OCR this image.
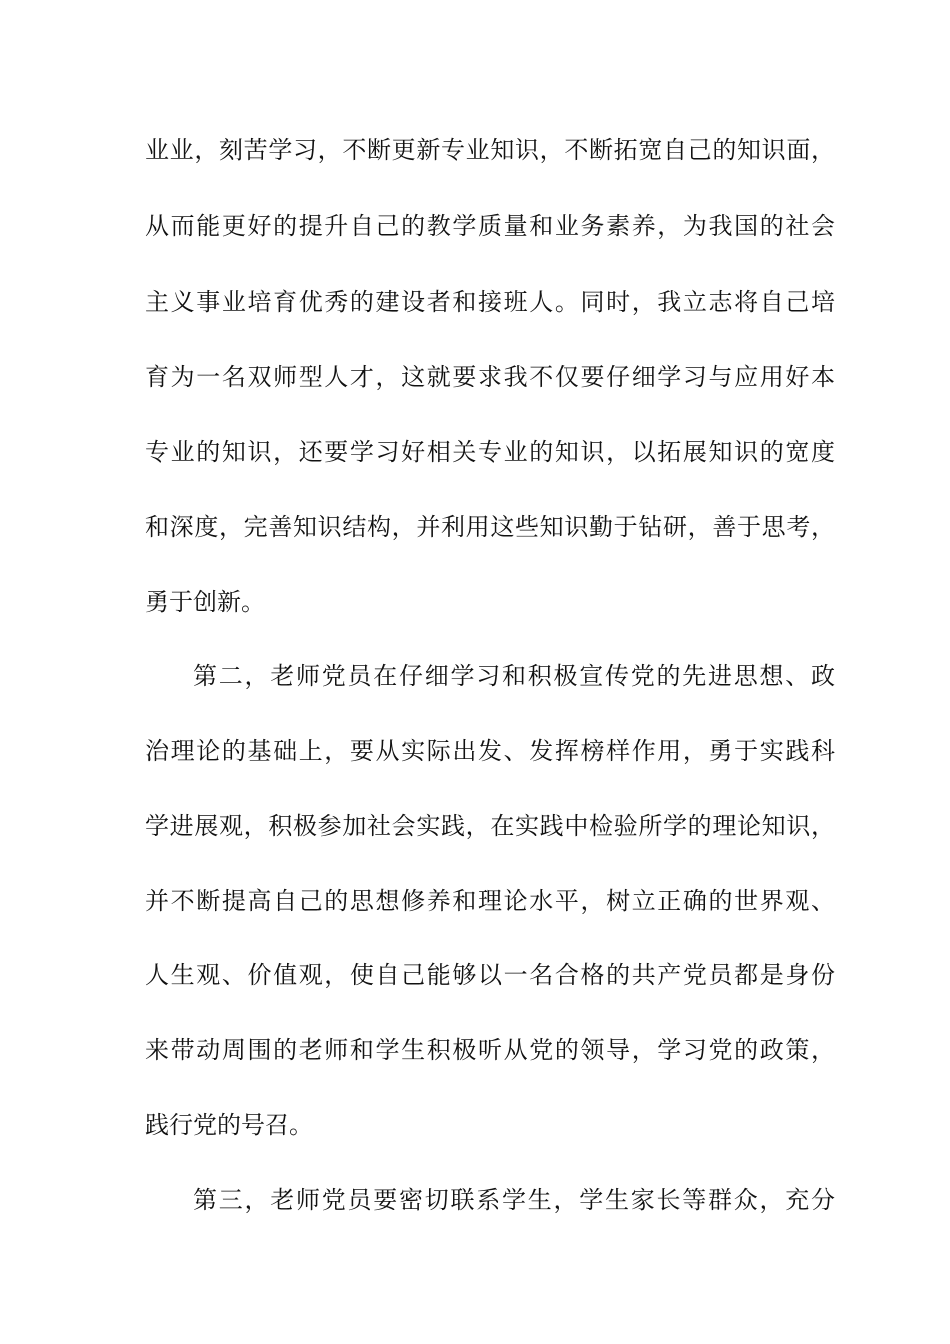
业业，刻苦学习，不断更新专业知识，不断拓宽自己的知识面，
从而能更好的提升自己的教学质量和业务素养，为我国的社会
主义事业培育优秀的建设者和接班人。同时，我立志将自己培
育为一名双师型人才，这就要求我不仅要仔细学习与应用好本
专业的知识，还要学习好相关专业的知识，以拓展知识的宽度
和深度，完善知识结构，并利用这些知识勤于钻研，善于思考，
勇于创新。
第二，老师党员在仔细学习和积极宣传党的先进思想、政
治理论的基础上，要从实际出发、发挥榜样作用，勇于实践科
学进展观，积极参加社会实践，在实践中检验所学的理论知识，
并不断提高自己的思想修养和理论水平，树立正确的世界观、
人生观、价值观，使自己能够以一名合格的共产党员都是身份
来带动周围的老师和学生积极听从党的领导，学习党的政策，
践行党的号召。
第三，老师党员要密切联系学生，学生家长等群众，充分
